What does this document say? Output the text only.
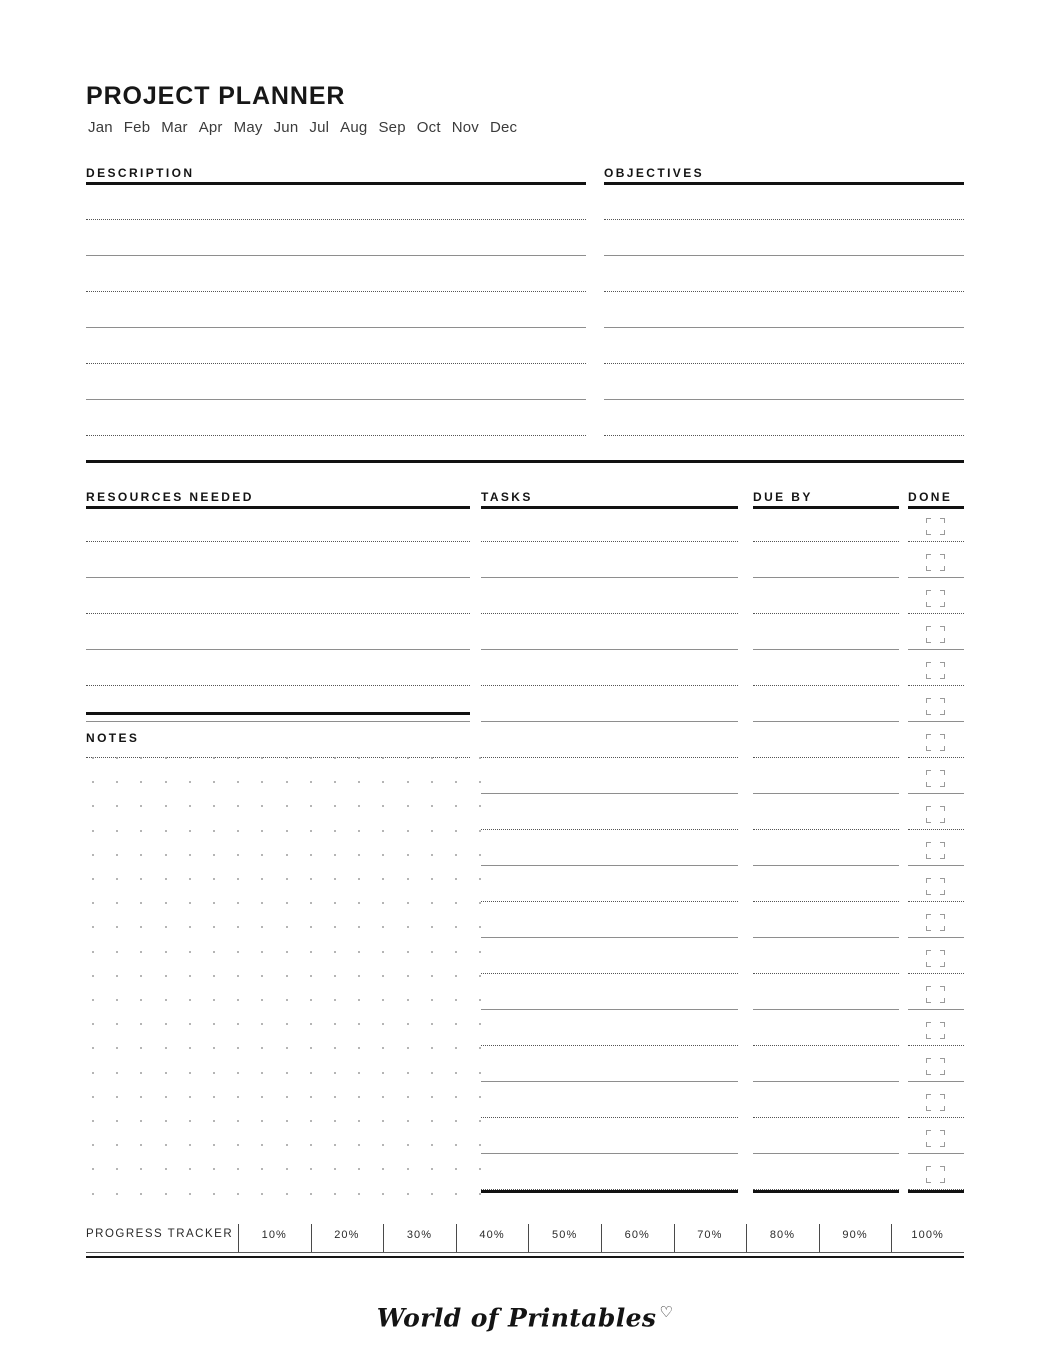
PROJECT PLANNER
Jan Feb Mar Apr May Jun Jul Aug Sep Oct Nov Dec
DESCRIPTION	OBJECTIVES
RESOURCES NEEDED	TASKS	DUE BY	DONE
NOTES
PROGRESS TRACKER	10%	20%	30%	40%	50%	60%	70%	80%	90%	100%
World of Printables ♡
